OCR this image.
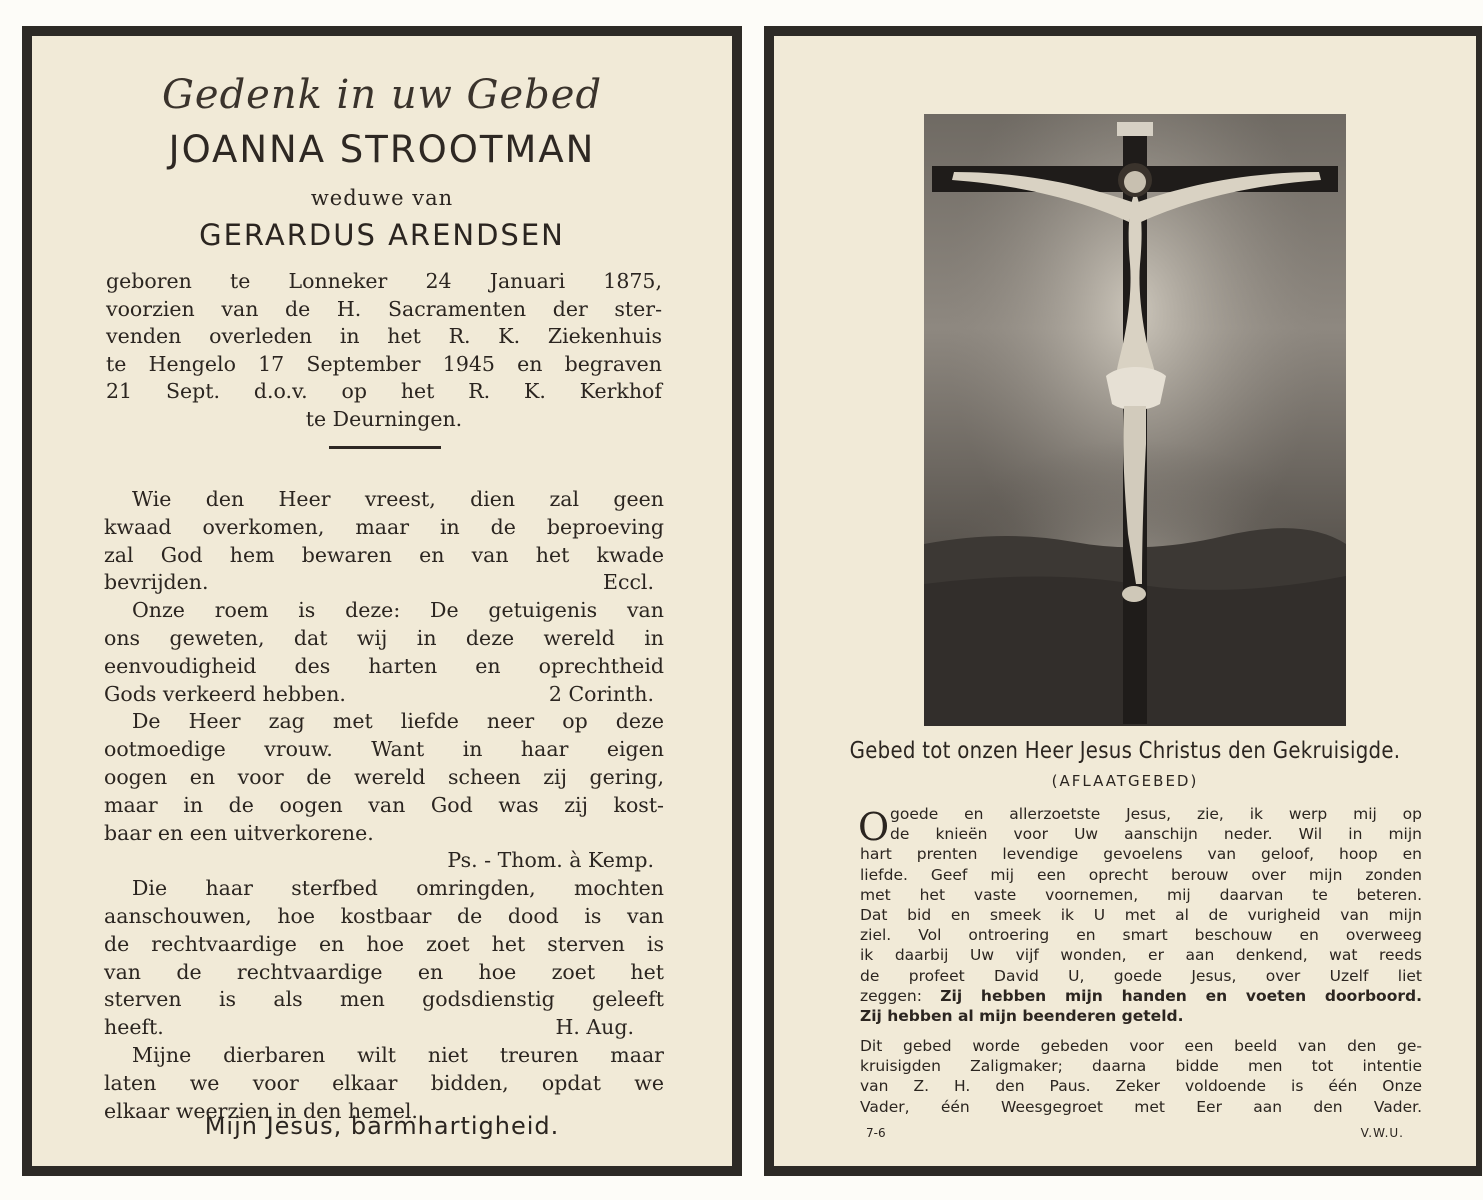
Gedenk in uw Gebed
JOANNA STROOTMAN
weduwe van
GERARDUS ARENDSEN
geboren te Lonneker 24 Januari 1875,
voorzien van de H. Sacramenten der ster-
venden overleden in het R. K. Ziekenhuis
te Hengelo 17 September 1945 en begraven
21 Sept. d.o.v. op het R. K. Kerkhof
te Deurningen.
Wie den Heer vreest, dien zal geen
kwaad overkomen, maar in de beproeving
zal God hem bewaren en van het kwade
bevrijden.	Eccl.
Onze roem is deze: De getuigenis van
ons geweten, dat wij in deze wereld in
eenvoudigheid des harten en oprechtheid
Gods verkeerd hebben.	2 Corinth.
De Heer zag met liefde neer op deze
ootmoedige vrouw. Want in haar eigen
oogen en voor de wereld scheen zij gering,
maar in de oogen van God was zij kost-
baar en een uitverkorene.
Ps. - Thom. à Kemp.
Die haar sterfbed omringden, mochten
aanschouwen, hoe kostbaar de dood is van
de rechtvaardige en hoe zoet het sterven is
van de rechtvaardige en hoe zoet het
sterven is als men godsdienstig geleeft
heeft.	H. Aug.
Mijne dierbaren wilt niet treuren maar
laten we voor elkaar bidden, opdat we
elkaar weerzien in den hemel.
Mijn Jesus, barmhartigheid.
Gebed tot onzen Heer Jesus Christus den Gekruisigde.
(AFLAATGEBED)
O goede en allerzoetste Jesus, zie, ik werp mij op
de knieën voor Uw aanschijn neder. Wil in mijn
hart prenten levendige gevoelens van geloof, hoop en
liefde. Geef mij een oprecht berouw over mijn zonden
met het vaste voornemen, mij daarvan te beteren.
Dat bid en smeek ik U met al de vurigheid van mijn
ziel. Vol ontroering en smart beschouw en overweeg
ik daarbij Uw vijf wonden, er aan denkend, wat reeds
de profeet David U, goede Jesus, over Uzelf liet
zeggen: Zij hebben mijn handen en voeten doorboord.
Zij hebben al mijn beenderen geteld.
Dit gebed worde gebeden voor een beeld van den ge-
kruisigden Zaligmaker; daarna bidde men tot intentie
van Z. H. den Paus. Zeker voldoende is één Onze
Vader, één Weesgegroet met Eer aan den Vader.
7-6	V.W.U.
